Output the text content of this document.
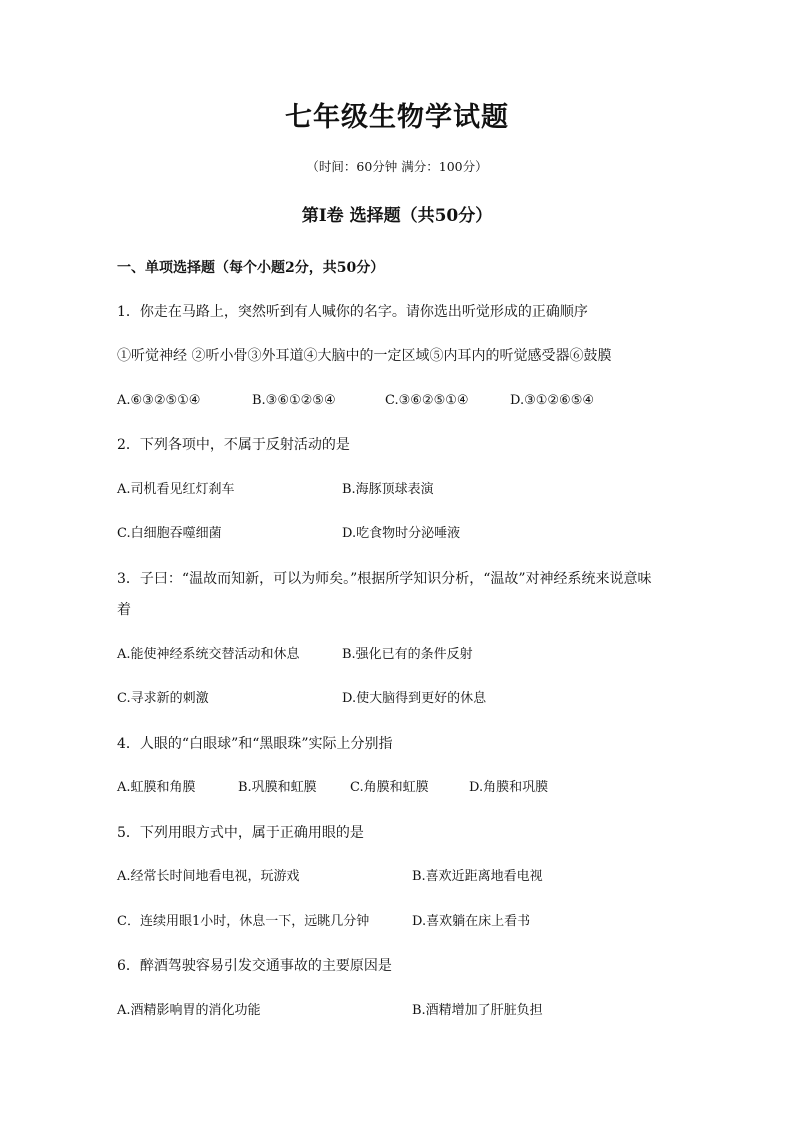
七年级生物学试题
（时间：60分钟 满分：100分）
第Ⅰ卷 选择题（共50分）
一、单项选择题（每个小题2分，共50分）
1．你走在马路上，突然听到有人喊你的名字。请你选出听觉形成的正确顺序
①听觉神经 ②听小骨③外耳道④大脑中的一定区域⑤内耳内的听觉感受器⑥鼓膜
A.⑥③②⑤①④	B.③⑥①②⑤④	C.③⑥②⑤①④	D.③①②⑥⑤④
2．下列各项中，不属于反射活动的是
A.司机看见红灯刹车	B.海豚顶球表演
C.白细胞吞噬细菌	D.吃食物时分泌唾液
3．子曰：“温故而知新，可以为师矣。”根据所学知识分析，“温故”对神经系统来说意味
着
A.能使神经系统交替活动和休息	B.强化已有的条件反射
C.寻求新的刺激	D.使大脑得到更好的休息
4．人眼的“白眼球”和“黑眼珠”实际上分别指
A.虹膜和角膜	B.巩膜和虹膜	C.角膜和虹膜	D.角膜和巩膜
5．下列用眼方式中，属于正确用眼的是
A.经常长时间地看电视，玩游戏	B.喜欢近距离地看电视
C．连续用眼1小时，休息一下，远眺几分钟	D.喜欢躺在床上看书
6．醉酒驾驶容易引发交通事故的主要原因是
A.酒精影响胃的消化功能	B.酒精增加了肝脏负担
